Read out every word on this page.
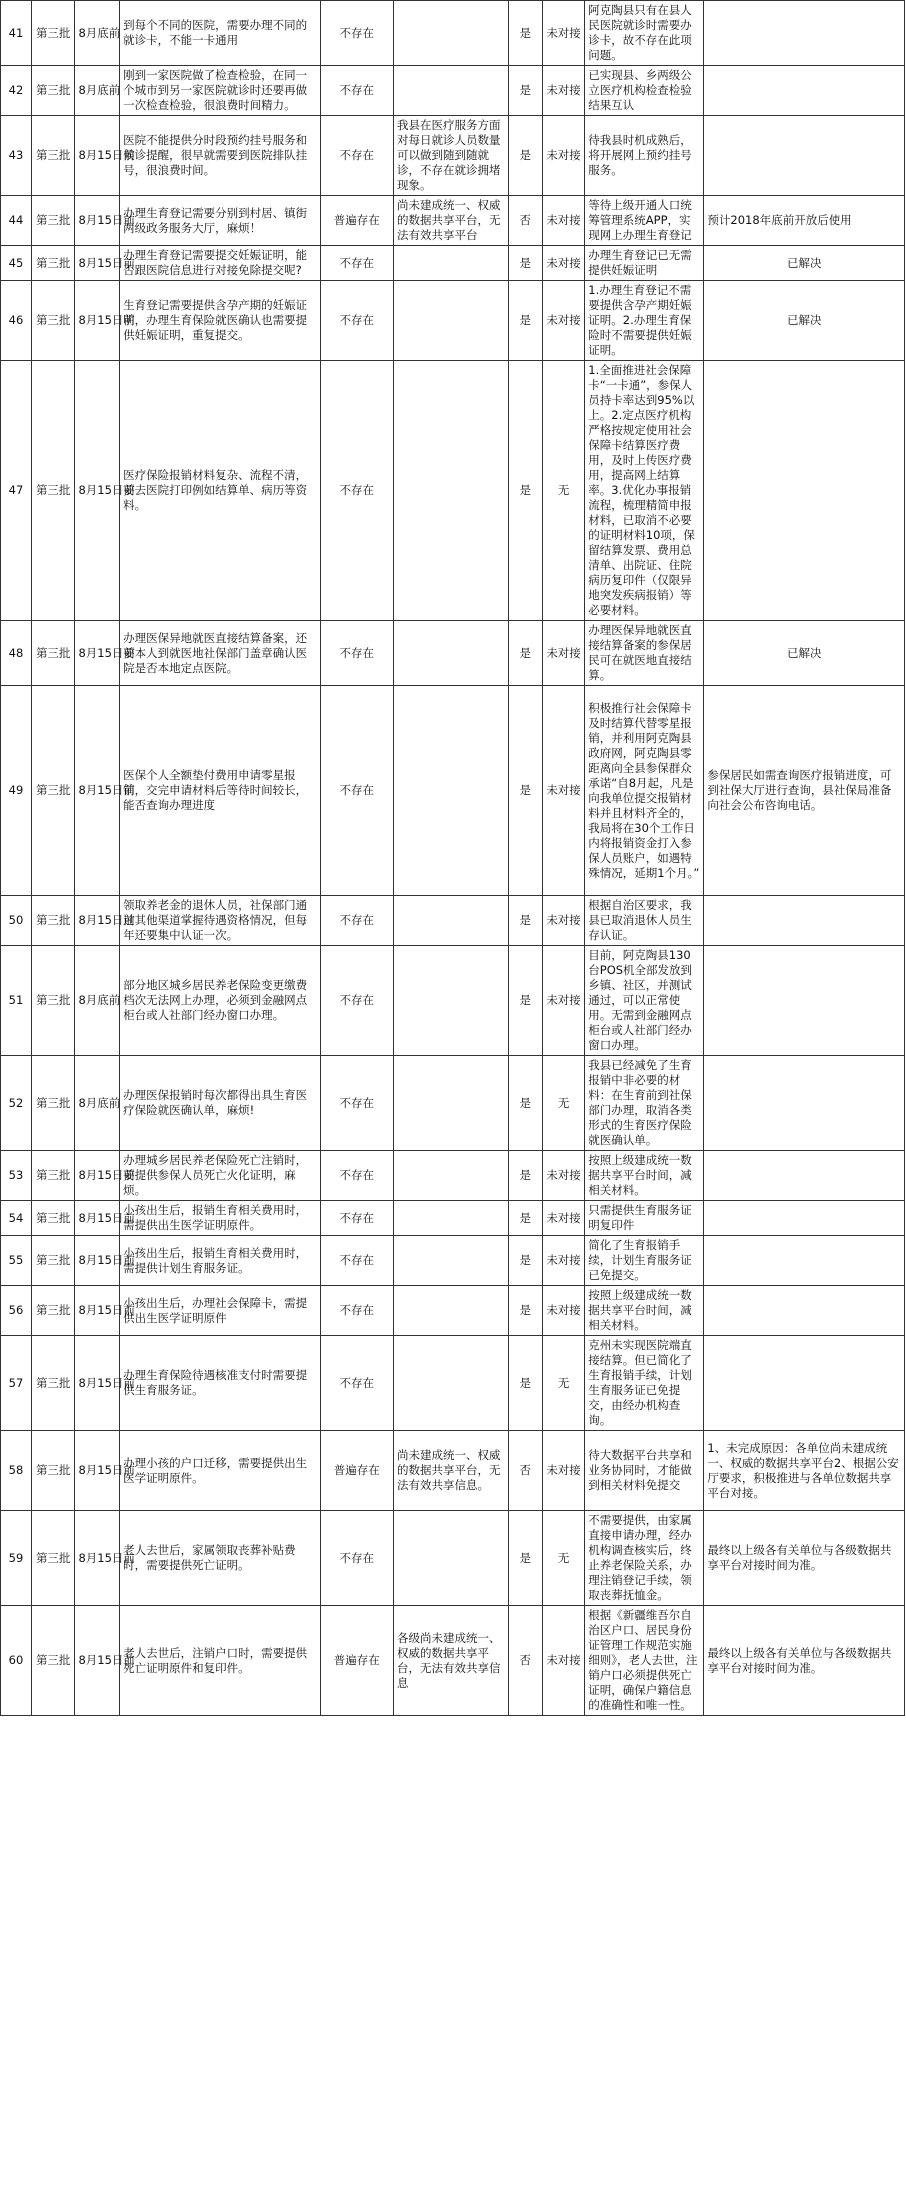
41	第三批	8月底前	到每个不同的医院，需要办理不同的就诊卡，不能一卡通用	不存在		是	未对接	阿克陶县只有在县人民医院就诊时需要办诊卡，故不存在此项问题。	
42	第三批	8月底前	刚到一家医院做了检查检验，在同一个城市到另一家医院就诊时还要再做一次检查检验，很浪费时间精力。	不存在		是	未对接	已实现县、乡两级公立医疗机构检查检验结果互认	
43	第三批	8月15日前	医院不能提供分时段预约挂号服务和候诊提醒，很早就需要到医院排队挂号，很浪费时间。	不存在	我县在医疗服务方面对每日就诊人员数量可以做到随到随就诊，不存在就诊拥堵现象。	是	未对接	待我县时机成熟后，将开展网上预约挂号服务。	
44	第三批	8月15日前	办理生育登记需要分别到村居、镇街两级政务服务大厅，麻烦！	普遍存在	尚未建成统一、权威的数据共享平台，无法有效共享平台	否	未对接	等待上级开通人口统筹管理系统APP，实现网上办理生育登记	预计2018年底前开放后使用
45	第三批	8月15日前	办理生育登记需要提交妊娠证明，能否跟医院信息进行对接免除提交呢?	不存在		是	未对接	办理生育登记已无需提供妊娠证明	已解决
46	第三批	8月15日前	生育登记需要提供含孕产期的妊娠证明，办理生育保险就医确认也需要提供妊娠证明，重复提交。	不存在		是	未对接	1.办理生育登记不需要提供含孕产期妊娠证明。2.办理生育保险时不需要提供妊娠证明。	已解决
47	第三批	8月15日前	医疗保险报销材料复杂、流程不清，要去医院打印例如结算单、病历等资料。	不存在		是	无	1.全面推进社会保障卡“一卡通”，参保人员持卡率达到95%以上。2.定点医疗机构严格按规定使用社会保障卡结算医疗费用，及时上传医疗费用，提高网上结算率。3.优化办事报销流程，梳理精简申报材料，已取消不必要的证明材料10项，保留结算发票、费用总清单、出院证、住院病历复印件（仅限异地突发疾病报销）等必要材料。	
48	第三批	8月15日前	办理医保异地就医直接结算备案，还要本人到就医地社保部门盖章确认医院是否本地定点医院。	不存在		是	未对接	办理医保异地就医直接结算备案的参保居民可在就医地直接结算。	已解决
49	第三批	8月15日前	医保个人全额垫付费用申请零星报销，交完申请材料后等待时间较长，能否查询办理进度	不存在		是	未对接	积极推行社会保障卡及时结算代替零星报销，并利用阿克陶县政府网，阿克陶县零距离向全县参保群众承诺“自8月起，凡是向我单位提交报销材料并且材料齐全的，我局将在30个工作日内将报销资金打入参保人员账户，如遇特殊情况，延期1个月。”	参保居民如需查询医疗报销进度，可到社保大厅进行查询，县社保局准备向社会公布咨询电话。
50	第三批	8月15日前	领取养老金的退休人员，社保部门通过其他渠道掌握待遇资格情况，但每年还要集中认证一次。	不存在		是	未对接	根据自治区要求，我县已取消退休人员生存认证。	
51	第三批	8月底前	部分地区城乡居民养老保险变更缴费档次无法网上办理，必须到金融网点柜台或人社部门经办窗口办理。	不存在		是	未对接	目前，阿克陶县130台POS机全部发放到乡镇、社区，并测试通过，可以正常使用。无需到金融网点柜台或人社部门经办窗口办理。	
52	第三批	8月底前	办理医保报销时每次都得出具生育医疗保险就医确认单，麻烦!	不存在		是	无	我县已经减免了生育报销中非必要的材料：在生育前到社保部门办理，取消各类形式的生育医疗保险就医确认单。	
53	第三批	8月15日前	办理城乡居民养老保险死亡注销时，要提供参保人员死亡火化证明，麻烦。	不存在		是	未对接	按照上级建成统一数据共享平台时间，减相关材料。	
54	第三批	8月15日前	小孩出生后，报销生育相关费用时，需提供出生医学证明原件。	不存在		是	未对接	只需提供生育服务证明复印件	
55	第三批	8月15日前	小孩出生后，报销生育相关费用时，需提供计划生育服务证。	不存在		是	未对接	简化了生育报销手续，计划生育服务证已免提交。	
56	第三批	8月15日前	小孩出生后，办理社会保障卡，需提供出生医学证明原件	不存在		是	未对接	按照上级建成统一数据共享平台时间，减相关材料。	
57	第三批	8月15日前	办理生育保险待遇核准支付时需要提供生育服务证。	不存在		是	无	克州未实现医院端直接结算。但已简化了生育报销手续，计划生育服务证已免提交，由经办机构查询。	
58	第三批	8月15日前	办理小孩的户口迁移，需要提供出生医学证明原件。	普遍存在	尚未建成统一、权威的数据共享平台，无法有效共享信息。	否	未对接	待大数据平台共享和业务协同时，才能做到相关材料免提交	1、未完成原因：各单位尚未建成统一、权威的数据共享平台2、根据公安厅要求，积极推进与各单位数据共享平台对接。
59	第三批	8月15日前	老人去世后，家属领取丧葬补贴费时，需要提供死亡证明。	不存在		是	无	不需要提供，由家属直接申请办理，经办机构调查核实后，终止养老保险关系，办理注销登记手续，领取丧葬抚恤金。	最终以上级各有关单位与各级数据共享平台对接时间为准。
60	第三批	8月15日前	老人去世后，注销户口时，需要提供死亡证明原件和复印件。	普遍存在	各级尚未建成统一、权威的数据共享平台，无法有效共享信息	否	未对接	根据《新疆维吾尔自治区户口、居民身份证管理工作规范实施细则》，老人去世，注销户口必须提供死亡证明，确保户籍信息的准确性和唯一性。	最终以上级各有关单位与各级数据共享平台对接时间为准。
